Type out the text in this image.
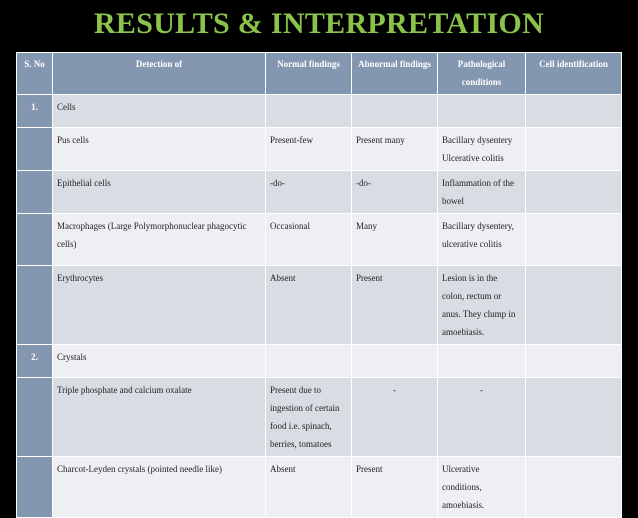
RESULTS & INTERPRETATION
S. No	Detection of	Normal findings	Abnormal findings	Pathological conditions	Cell identification
1.	Cells				
	Pus cells	Present-few	Present many	Bacillary dysentery Ulcerative colitis	
	Epithelial cells	-do-	-do-	Inflammation of the bowel	
	Macrophages (Large Polymorphonuclear phagocytic cells)	Occasional	Many	Bacillary dysentery, ulcerative colitis	
	Erythrocytes	Absent	Present	Lesion is in the colon, rectum or anus. They clump in amoebiasis.	
2.	Crystals				
	Triple phosphate and calcium oxalate	Present due to ingestion of certain food i.e. spinach, berries, tomatoes	-	-	
	Charcot-Leyden crystals (pointed needle like)	Absent	Present	Ulcerative conditions, amoebiasis.	
